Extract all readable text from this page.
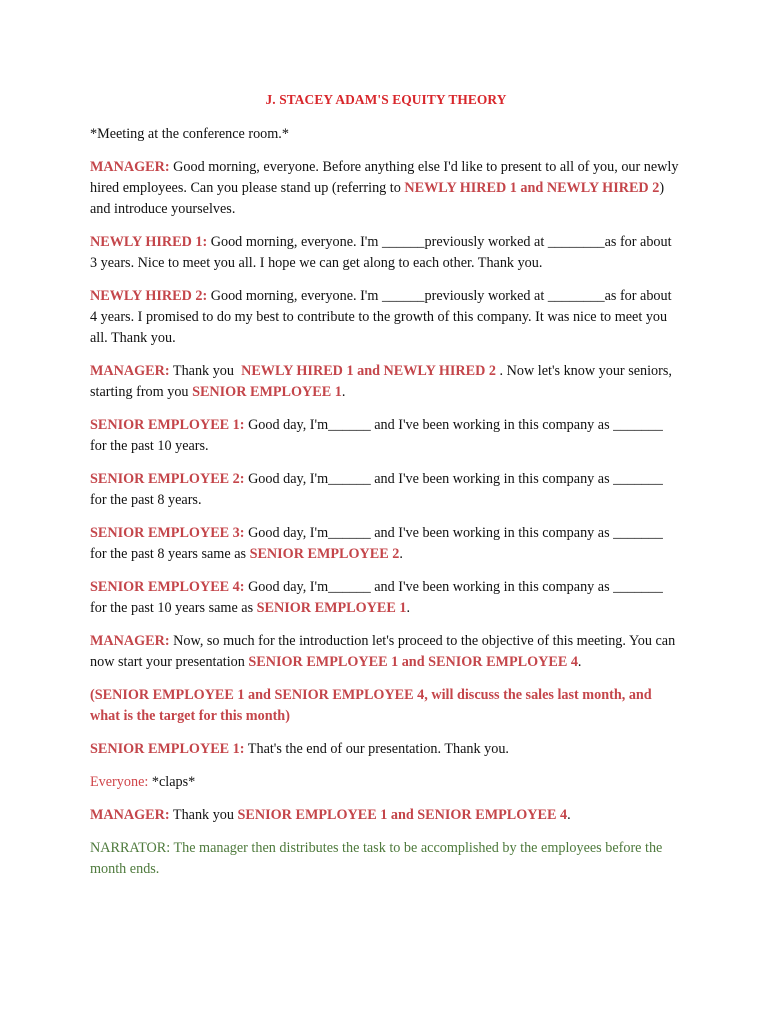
J. STACEY ADAM'S EQUITY THEORY

*Meeting at the conference room.*

MANAGER: Good morning, everyone. Before anything else I'd like to present to all of you, our newly hired employees. Can you please stand up (referring to NEWLY HIRED 1 and NEWLY HIRED 2) and introduce yourselves.

NEWLY HIRED 1: Good morning, everyone. I'm ______previously worked at ________as for about 3 years. Nice to meet you all. I hope we can get along to each other. Thank you.

NEWLY HIRED 2: Good morning, everyone. I'm ______previously worked at ________as for about 4 years. I promised to do my best to contribute to the growth of this company. It was nice to meet you all. Thank you.

MANAGER: Thank you  NEWLY HIRED 1 and NEWLY HIRED 2 . Now let's know your seniors, starting from you SENIOR EMPLOYEE 1.

SENIOR EMPLOYEE 1: Good day, I'm______ and I've been working in this company as _______ for the past 10 years.

SENIOR EMPLOYEE 2: Good day, I'm______ and I've been working in this company as _______ for the past 8 years.

SENIOR EMPLOYEE 3: Good day, I'm______ and I've been working in this company as _______ for the past 8 years same as SENIOR EMPLOYEE 2.

SENIOR EMPLOYEE 4: Good day, I'm______ and I've been working in this company as _______ for the past 10 years same as SENIOR EMPLOYEE 1.

MANAGER: Now, so much for the introduction let's proceed to the objective of this meeting. You can now start your presentation SENIOR EMPLOYEE 1 and SENIOR EMPLOYEE 4.

(SENIOR EMPLOYEE 1 and SENIOR EMPLOYEE 4, will discuss the sales last month, and what is the target for this month)

SENIOR EMPLOYEE 1: That's the end of our presentation. Thank you.

Everyone: *claps*

MANAGER: Thank you SENIOR EMPLOYEE 1 and SENIOR EMPLOYEE 4.

NARRATOR: The manager then distributes the task to be accomplished by the employees before the month ends.
